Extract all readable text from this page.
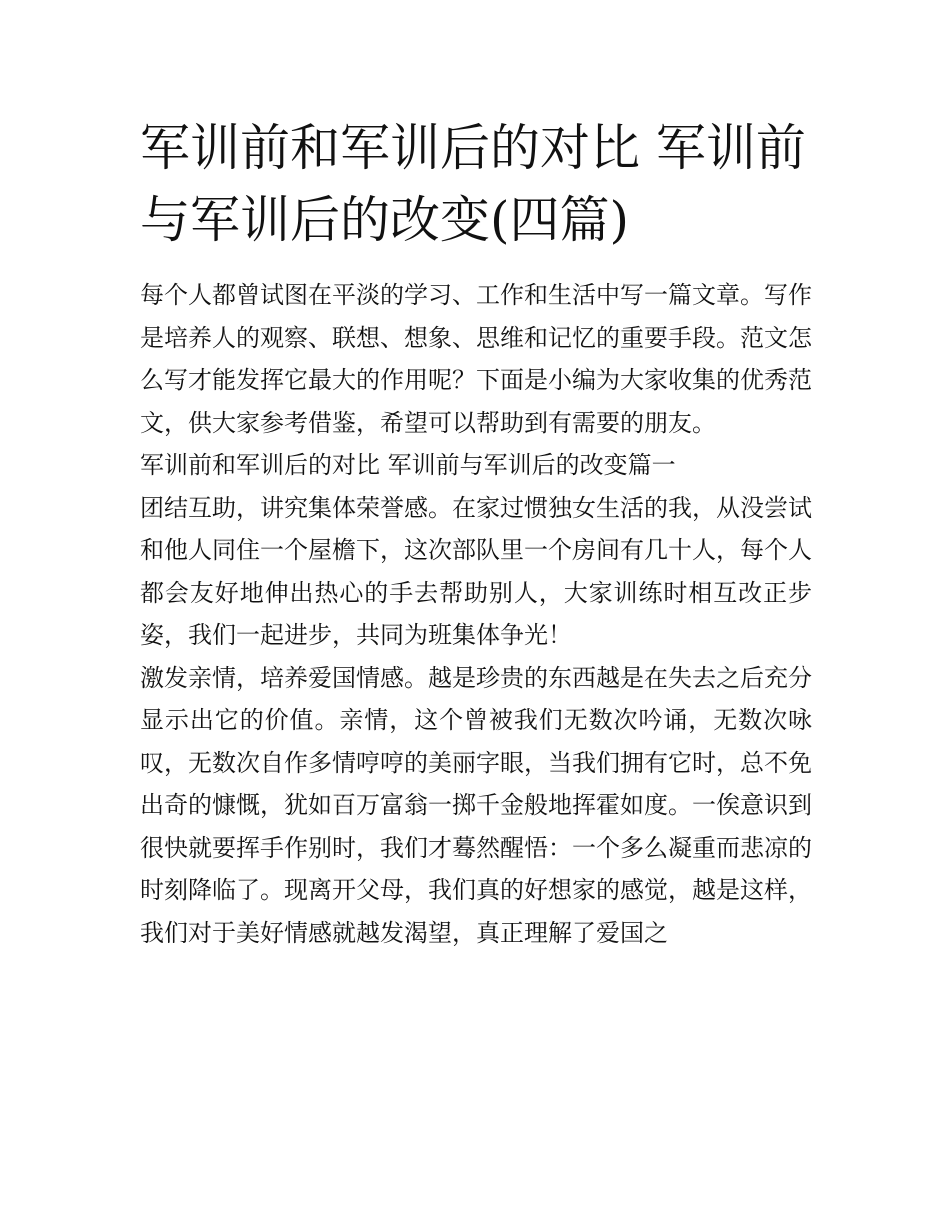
军训前和军训后的对比 军训前与军训后的改变(四篇)

每个人都曾试图在平淡的学习、工作和生活中写一篇文章。写作是培养人的观察、联想、想象、思维和记忆的重要手段。范文怎么写才能发挥它最大的作用呢？下面是小编为大家收集的优秀范文，供大家参考借鉴，希望可以帮助到有需要的朋友。

军训前和军训后的对比 军训前与军训后的改变篇一

团结互助，讲究集体荣誉感。在家过惯独女生活的我，从没尝试和他人同住一个屋檐下，这次部队里一个房间有几十人，每个人都会友好地伸出热心的手去帮助别人，大家训练时相互改正步姿，我们一起进步，共同为班集体争光！

激发亲情，培养爱国情感。越是珍贵的东西越是在失去之后充分显示出它的价值。亲情，这个曾被我们无数次吟诵，无数次咏叹，无数次自作多情哼哼的美丽字眼，当我们拥有它时，总不免出奇的慷慨，犹如百万富翁一掷千金般地挥霍如度。一俟意识到很快就要挥手作别时，我们才蓦然醒悟：一个多么凝重而悲凉的时刻降临了。现离开父母，我们真的好想家的感觉，越是这样，我们对于美好情感就越发渴望，真正理解了爱国之
